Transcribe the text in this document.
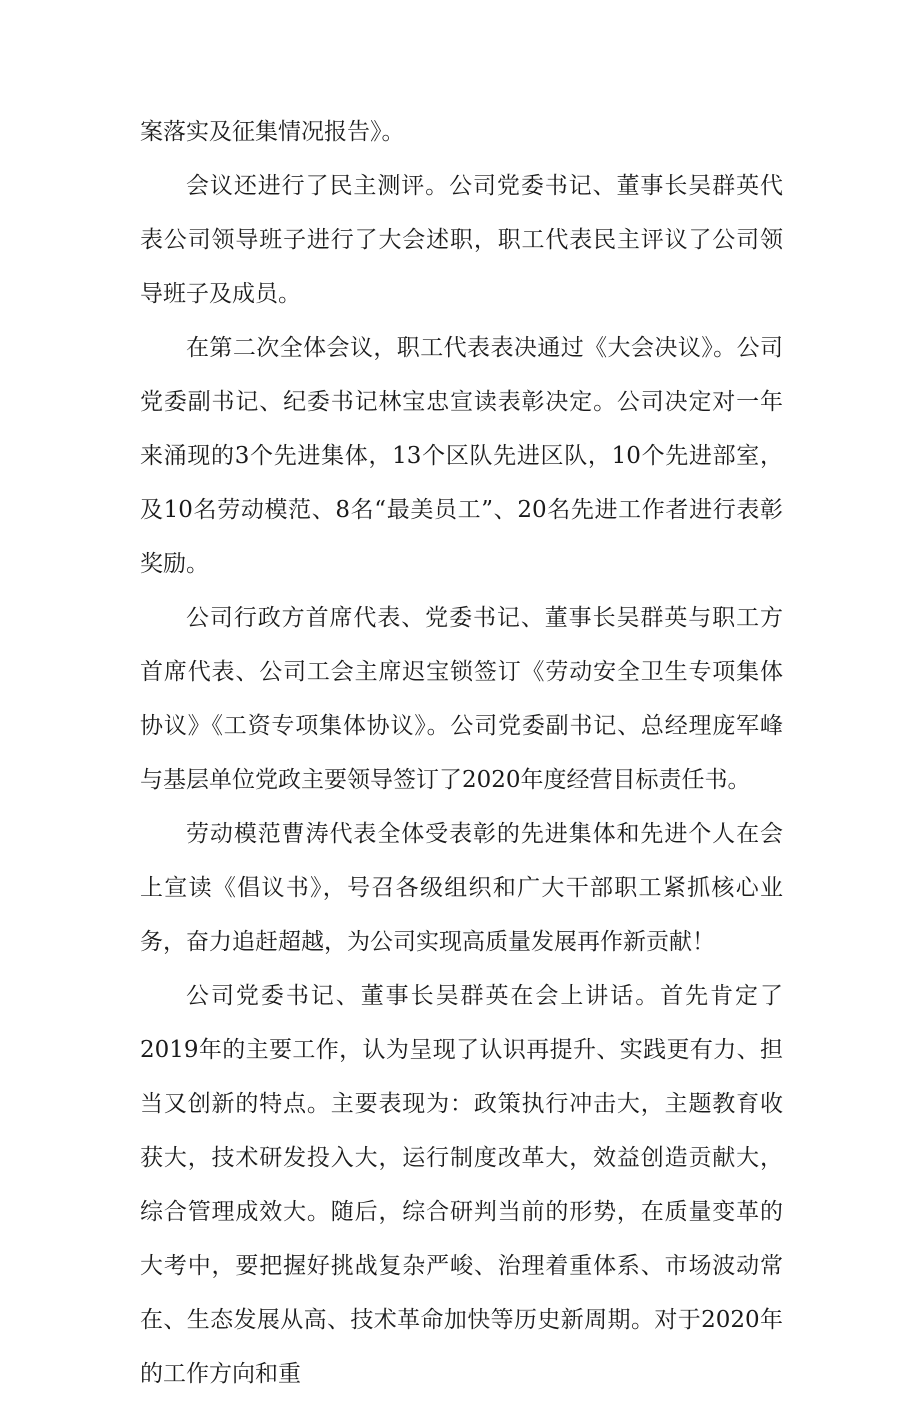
案落实及征集情况报告》。

会议还进行了民主测评。公司党委书记、董事长吴群英代表公司领导班子进行了大会述职，职工代表民主评议了公司领导班子及成员。

在第二次全体会议，职工代表表决通过《大会决议》。公司党委副书记、纪委书记林宝忠宣读表彰决定。公司决定对一年来涌现的3个先进集体，13个区队先进区队，10个先进部室，及10名劳动模范、8名“最美员工”、20名先进工作者进行表彰奖励。

公司行政方首席代表、党委书记、董事长吴群英与职工方首席代表、公司工会主席迟宝锁签订《劳动安全卫生专项集体协议》《工资专项集体协议》。公司党委副书记、总经理庞军峰与基层单位党政主要领导签订了2020年度经营目标责任书。

劳动模范曹涛代表全体受表彰的先进集体和先进个人在会上宣读《倡议书》，号召各级组织和广大干部职工紧抓核心业务，奋力追赶超越，为公司实现高质量发展再作新贡献！

公司党委书记、董事长吴群英在会上讲话。首先肯定了2019年的主要工作，认为呈现了认识再提升、实践更有力、担当又创新的特点。主要表现为：政策执行冲击大，主题教育收获大，技术研发投入大，运行制度改革大，效益创造贡献大，综合管理成效大。随后，综合研判当前的形势，在质量变革的大考中，要把握好挑战复杂严峻、治理着重体系、市场波动常在、生态发展从高、技术革命加快等历史新周期。对于2020年的工作方向和重
